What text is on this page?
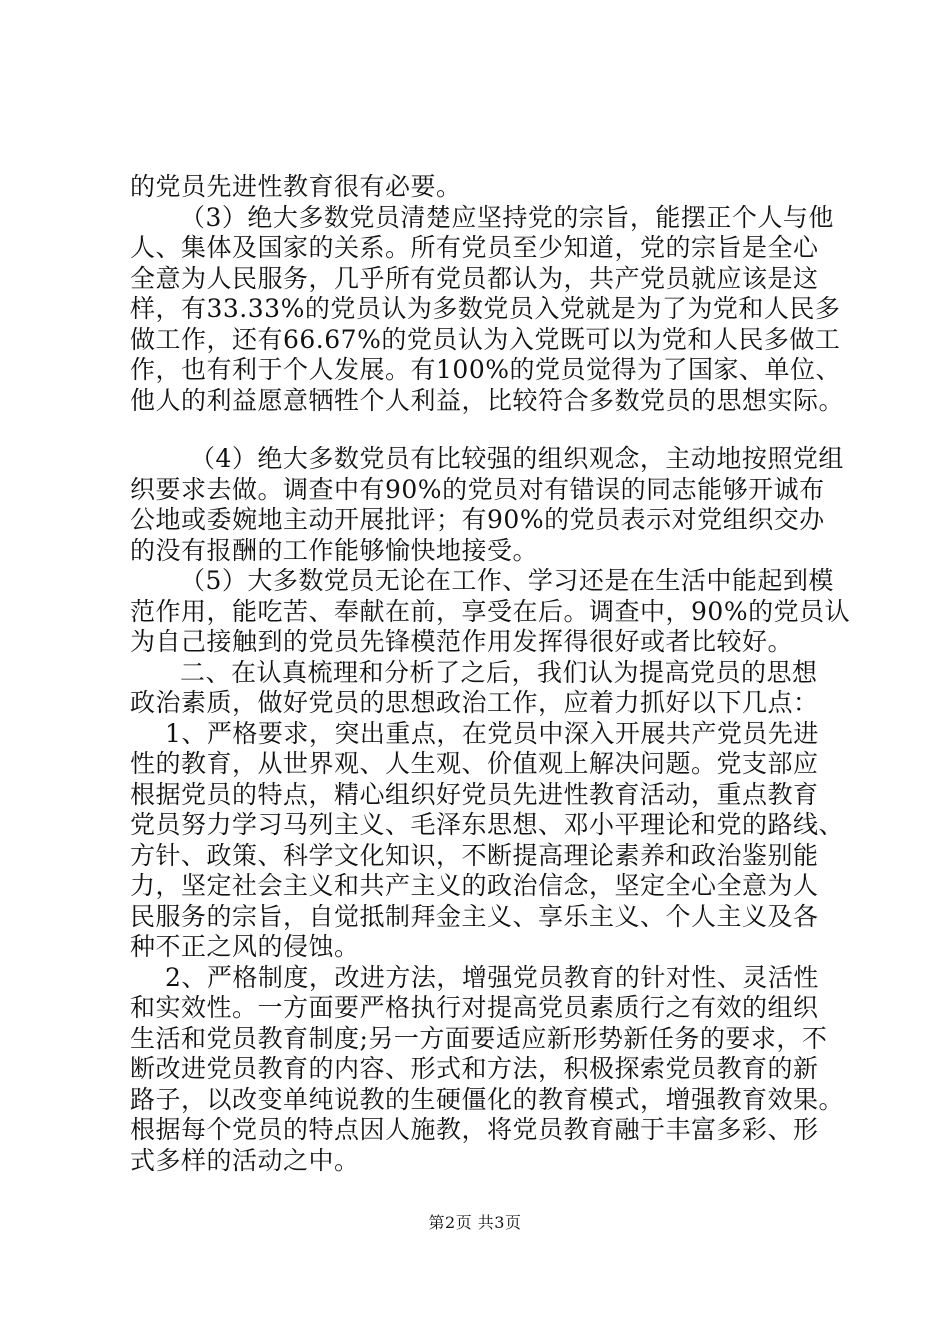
的党员先进性教育很有必要。
（3）绝大多数党员清楚应坚持党的宗旨，能摆正个人与他
人、集体及国家的关系。所有党员至少知道，党的宗旨是全心
全意为人民服务，几乎所有党员都认为，共产党员就应该是这
样，有33.33%的党员认为多数党员入党就是为了为党和人民多
做工作，还有66.67%的党员认为入党既可以为党和人民多做工
作，也有利于个人发展。有100%的党员觉得为了国家、单位、
他人的利益愿意牺牲个人利益，比较符合多数党员的思想实际。
（4）绝大多数党员有比较强的组织观念，主动地按照党组
织要求去做。调查中有90%的党员对有错误的同志能够开诚布
公地或委婉地主动开展批评；有90%的党员表示对党组织交办
的没有报酬的工作能够愉快地接受。
（5）大多数党员无论在工作、学习还是在生活中能起到模
范作用，能吃苦、奉献在前，享受在后。调查中，90%的党员认
为自己接触到的党员先锋模范作用发挥得很好或者比较好。
二、在认真梳理和分析了之后，我们认为提高党员的思想
政治素质，做好党员的思想政治工作，应着力抓好以下几点：
1、严格要求，突出重点，在党员中深入开展共产党员先进
性的教育，从世界观、人生观、价值观上解决问题。党支部应
根据党员的特点，精心组织好党员先进性教育活动，重点教育
党员努力学习马列主义、毛泽东思想、邓小平理论和党的路线、
方针、政策、科学文化知识，不断提高理论素养和政治鉴别能
力，坚定社会主义和共产主义的政治信念，坚定全心全意为人
民服务的宗旨，自觉抵制拜金主义、享乐主义、个人主义及各
种不正之风的侵蚀。
2、严格制度，改进方法，增强党员教育的针对性、灵活性
和实效性。一方面要严格执行对提高党员素质行之有效的组织
生活和党员教育制度;另一方面要适应新形势新任务的要求，不
断改进党员教育的内容、形式和方法，积极探索党员教育的新
路子，以改变单纯说教的生硬僵化的教育模式，增强教育效果。
根据每个党员的特点因人施教，将党员教育融于丰富多彩、形
式多样的活动之中。
第2页 共3页
